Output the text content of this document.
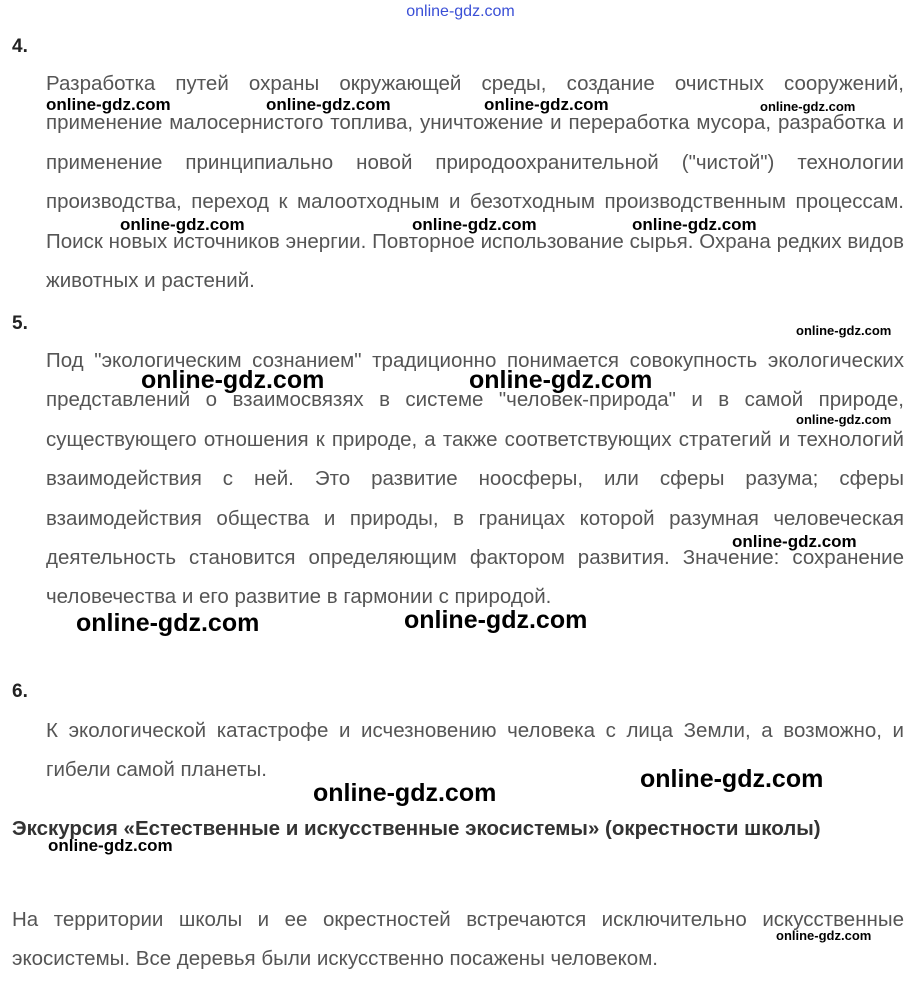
online-gdz.com
4.
Разработка путей охраны окружающей среды, создание очистных сооружений, применение малосернистого топлива, уничтожение и переработка мусора, разработка и применение принципиально новой природоохранительной ("чистой") технологии производства, переход к малоотходным и безотходным производственным процессам. Поиск новых источников энергии. Повторное использование сырья. Охрана редких видов животных и растений.
5.
Под "экологическим сознанием" традиционно понимается совокупность экологических представлений о взаимосвязях в системе "человек-природа" и в самой природе, существующего отношения к природе, а также соответствующих стратегий и технологий взаимодействия с ней. Это развитие ноосферы, или сферы разума; сферы взаимодействия общества и природы, в границах которой разумная человеческая деятельность становится определяющим фактором развития. Значение: сохранение человечества и его развитие в гармонии с природой.
6.
К экологической катастрофе и исчезновению человека с лица Земли, а возможно, и гибели самой планеты.
Экскурсия «Естественные и искусственные экосистемы» (окрестности школы)
На территории школы и ее окрестностей встречаются исключительно искусственные экосистемы. Все деревья были искусственно посажены человеком.
online-gdz.com	online-gdz.com	online-gdz.com	online-gdz.com
online-gdz.com	online-gdz.com	online-gdz.com
online-gdz.com
online-gdz.com	online-gdz.com
online-gdz.com
online-gdz.com
online-gdz.com	online-gdz.com
online-gdz.com
online-gdz.com
online-gdz.com
online-gdz.com
